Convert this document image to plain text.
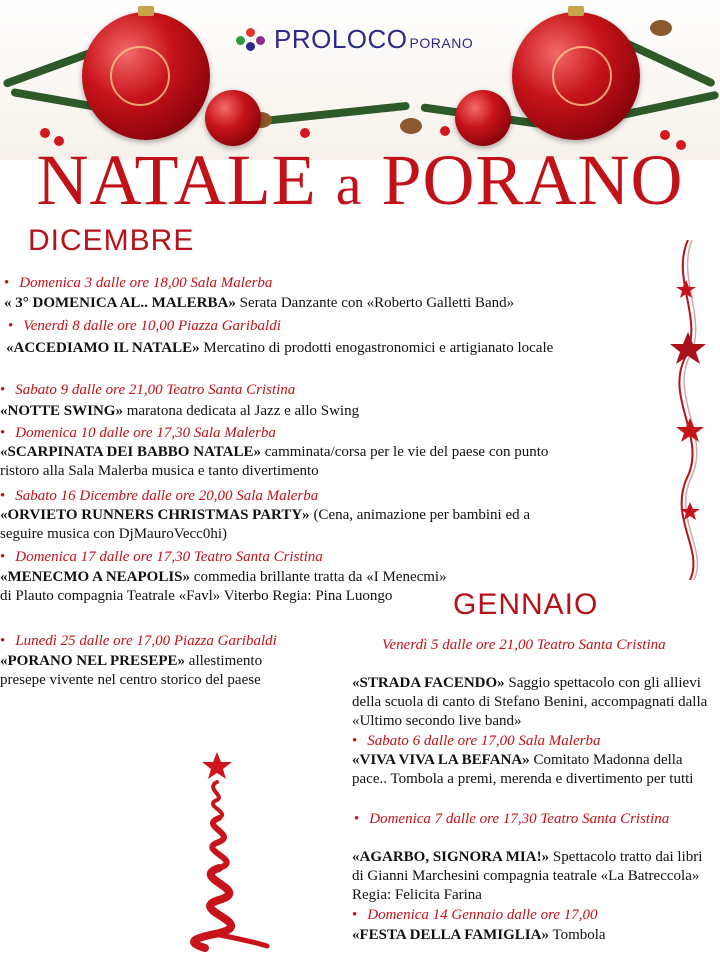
PROLOCO PORANO
NATALE a PORANO
DICEMBRE
GENNAIO
• Domenica 3 dalle ore 18,00 Sala Malerba
« 3° DOMENICA AL.. MALERBA» Serata Danzante con «Roberto Galletti Band»
• Venerdì 8 dalle ore 10,00 Piazza Garibaldi
«ACCEDIAMO IL NATALE» Mercatino di prodotti enogastronomici e artigianato locale
• Sabato 9 dalle ore 21,00 Teatro Santa Cristina
«NOTTE SWING» maratona dedicata al Jazz e allo Swing
• Domenica 10 dalle ore 17,30 Sala Malerba
«SCARPINATA DEI BABBO NATALE» camminata/corsa per le vie del paese con punto ristoro alla Sala Malerba musica e tanto divertimento
• Sabato 16 Dicembre dalle ore 20,00 Sala Malerba
«ORVIETO RUNNERS CHRISTMAS PARTY» (Cena, animazione per bambini ed a seguire musica con DjMauroVecc0hi)
• Domenica 17 dalle ore 17,30 Teatro Santa Cristina
«MENECMO A NEAPOLIS» commedia brillante tratta da «I Menecmi» di Plauto compagnia Teatrale «Favl» Viterbo Regia: Pina Luongo
• Lunedì 25 dalle ore 17,00 Piazza Garibaldi
«PORANO NEL PRESEPE» allestimento presepe vivente nel centro storico del paese
Venerdì 5 dalle ore 21,00 Teatro Santa Cristina
«STRADA FACENDO» Saggio spettacolo con gli allievi della scuola di canto di Stefano Benini, accompagnati dalla «Ultimo secondo live band»
• Sabato 6 dalle ore 17,00 Sala Malerba
«VIVA VIVA LA BEFANA» Comitato Madonna della pace.. Tombola a premi, merenda e divertimento per tutti
• Domenica 7 dalle ore 17,30 Teatro Santa Cristina
«AGARBO, SIGNORA MIA!» Spettacolo tratto dai libri di Gianni Marchesini compagnia teatrale «La Batreccola» Regia: Felicita Farina
• Domenica 14 Gennaio dalle ore 17,00
«FESTA DELLA FAMIGLIA» Tombola
